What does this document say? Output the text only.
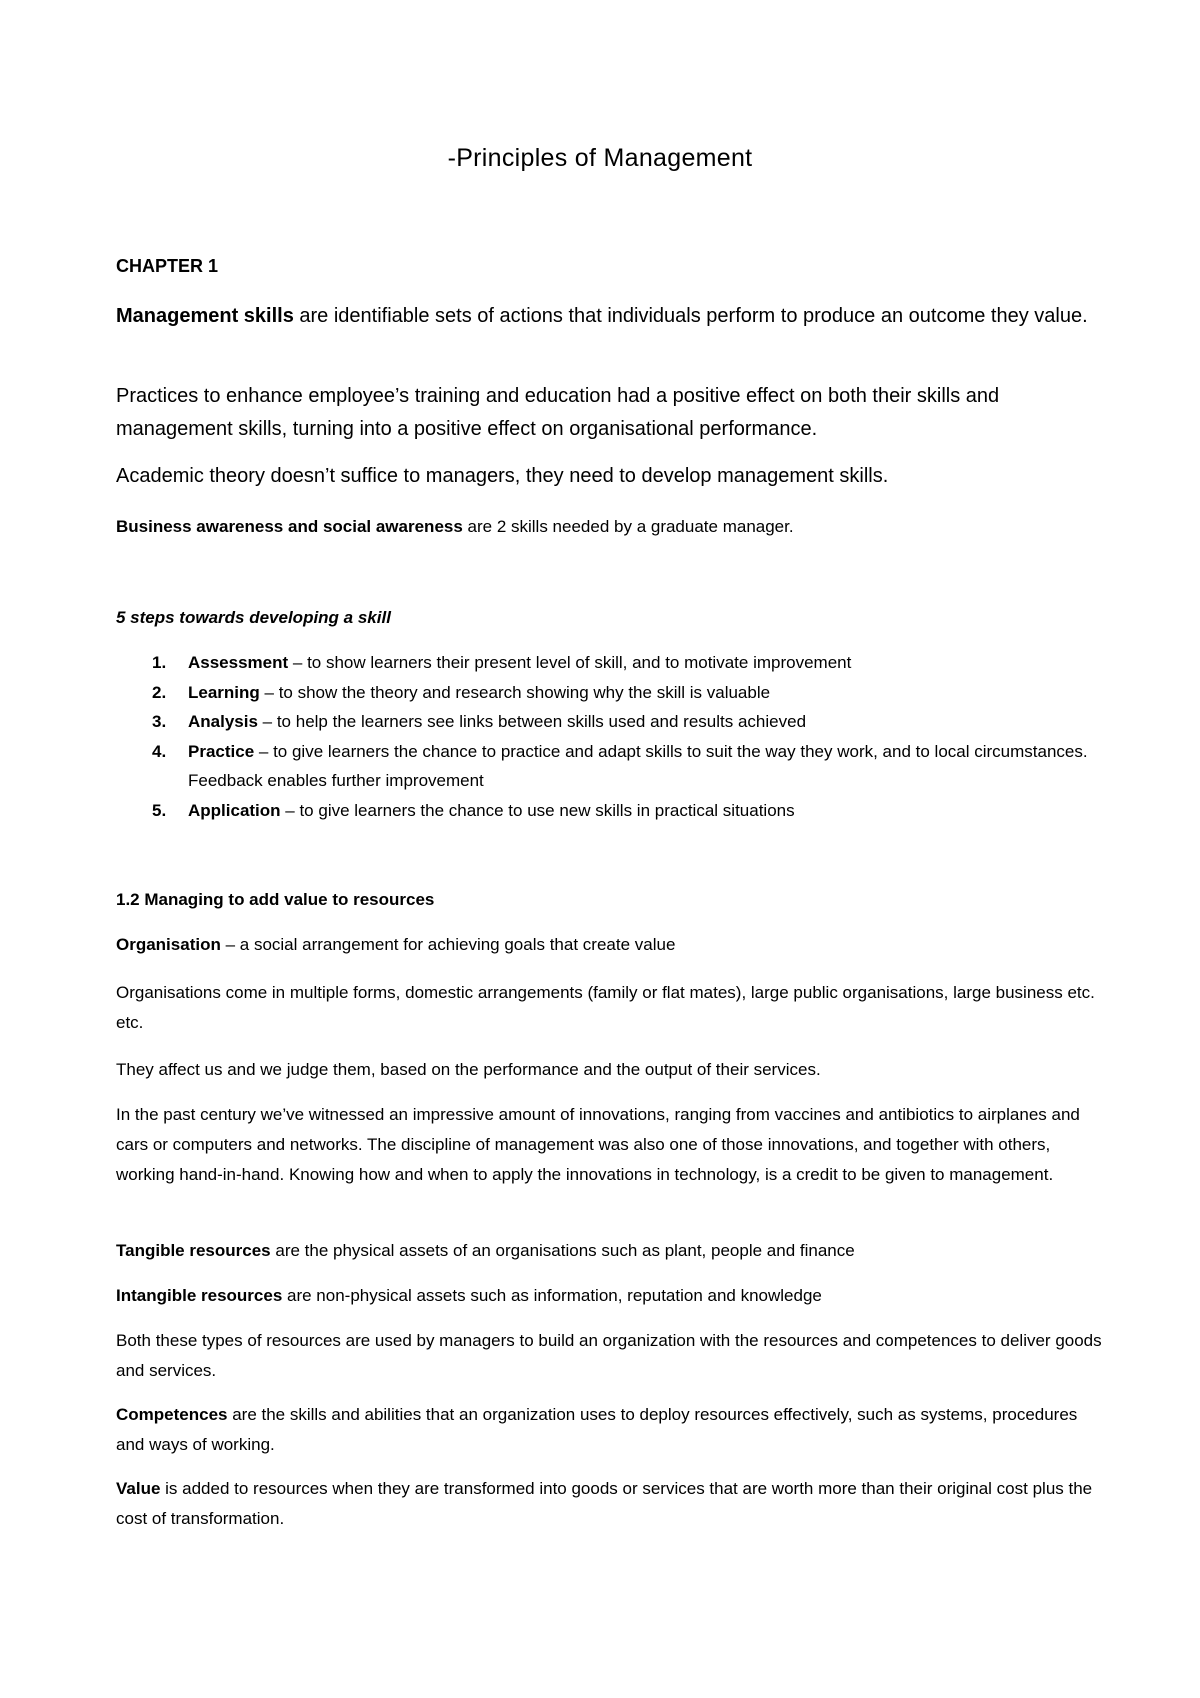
-Principles of Management
CHAPTER 1
Management skills are identifiable sets of actions that individuals perform to produce an outcome they value.
Practices to enhance employee’s training and education had a positive effect on both their skills and management skills, turning into a positive effect on organisational performance.
Academic theory doesn’t suffice to managers, they need to develop management skills.
Business awareness and social awareness are 2 skills needed by a graduate manager.
5 steps towards developing a skill
1. Assessment – to show learners their present level of skill, and to motivate improvement
2. Learning – to show the theory and research showing why the skill is valuable
3. Analysis – to help the learners see links between skills used and results achieved
4. Practice – to give learners the chance to practice and adapt skills to suit the way they work, and to local circumstances. Feedback enables further improvement
5. Application – to give learners the chance to use new skills in practical situations
1.2 Managing to add value to resources
Organisation – a social arrangement for achieving goals that create value
Organisations come in multiple forms, domestic arrangements (family or flat mates), large public organisations, large business etc. etc.
They affect us and we judge them, based on the performance and the output of their services.
In the past century we’ve witnessed an impressive amount of innovations, ranging from vaccines and antibiotics to airplanes and cars or computers and networks. The discipline of management was also one of those innovations, and together with others, working hand-in-hand. Knowing how and when to apply the innovations in technology, is a credit to be given to management.
Tangible resources are the physical assets of an organisations such as plant, people and finance
Intangible resources are non-physical assets such as information, reputation and knowledge
Both these types of resources are used by managers to build an organization with the resources and competences to deliver goods and services.
Competences are the skills and abilities that an organization uses to deploy resources effectively, such as systems, procedures and ways of working.
Value is added to resources when they are transformed into goods or services that are worth more than their original cost plus the cost of transformation.
